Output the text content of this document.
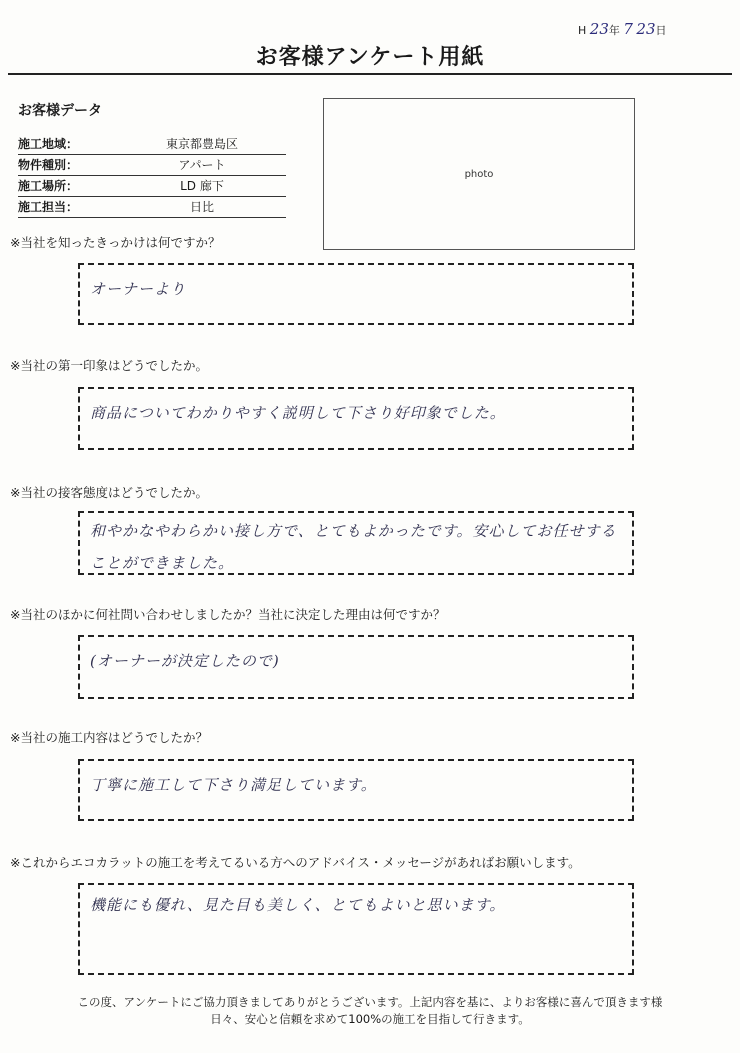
H 23年 7 23日
お客様アンケート用紙
お客様データ
施工地域：	東京都豊島区
物件種別：	アパート
施工場所：	LD 廊下
施工担当：	日比
photo
※当社を知ったきっかけは何ですか？
オーナーより
※当社の第一印象はどうでしたか。
商品についてわかりやすく説明して下さり好印象でした。
※当社の接客態度はどうでしたか。
和やかなやわらかい接し方で、とてもよかったです。安心してお任せすることができました。
※当社のほかに何社問い合わせしましたか？当社に決定した理由は何ですか？
(オーナーが決定したので)
※当社の施工内容はどうでしたか？
丁寧に施工して下さり満足しています。
※これからエコカラットの施工を考えてるいる方へのアドバイス・メッセージがあればお願いします。
機能にも優れ、見た目も美しく、とてもよいと思います。
この度、アンケートにご協力頂きましてありがとうございます。上記内容を基に、よりお客様に喜んで頂きます様
日々、安心と信頼を求めて100%の施工を目指して行きます。
